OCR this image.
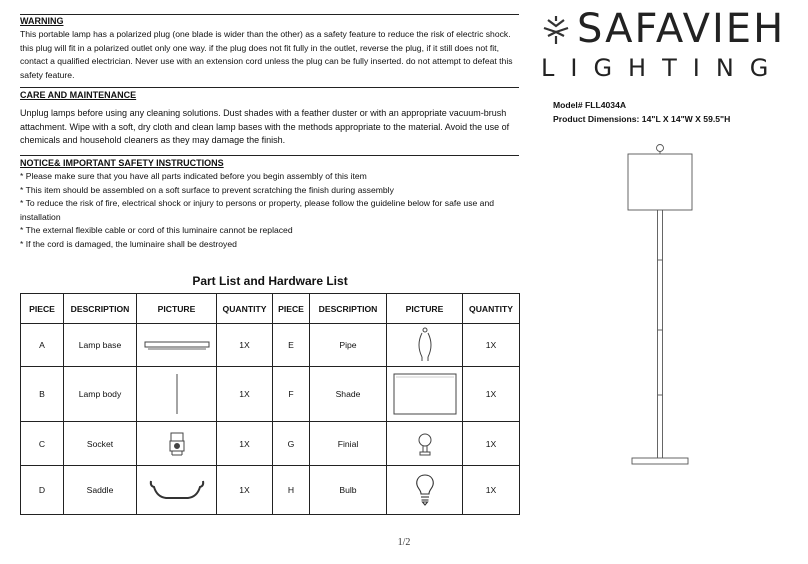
WARNING

This portable lamp has a polarized plug (one blade is wider than the other) as a safety feature to reduce the risk of electric shock. this plug will fit in a polarized outlet only one way. if the plug does not fit fully in the outlet, reverse the plug, if it still does not fit, contact a qualified electrician. Never use with an extension cord unless the plug can be fully inserted. do not attempt to defeat this safety feature.

CARE AND MAINTENANCE

Unplug lamps before using any cleaning solutions. Dust shades with a feather duster or with an appropriate vacuum-brush attachment. Wipe with a soft, dry cloth and clean lamp bases with the methods appropriate to the material. Avoid the use of chemicals and household cleaners as they may damage the finish.

NOTICE& IMPORTANT SAFETY INSTRUCTIONS
* Please make sure that you have all parts indicated before you begin assembly of this item
* This item should be assembled on a soft surface to prevent scratching the finish during assembly
* To reduce the risk of fire, electrical shock or injury to persons or property, please follow the guideline below for safe use and installation
* The external flexible cable or cord of this luminaire cannot be replaced
* If the cord is damaged, the luminaire shall be destroyed
SAFAVIEH
LIGHTING
Model# FLL4034A
Product Dimensions: 14"L X 14"W X 59.5"H
Part List and Hardware List
PIECE	DESCRIPTION	PICTURE	QUANTITY	PIECE	DESCRIPTION	PICTURE	QUANTITY
A	Lamp base		1X	E	Pipe		1X
B	Lamp body		1X	F	Shade		1X
C	Socket		1X	G	Finial		1X
D	Saddle		1X	H	Bulb		1X
1/2
